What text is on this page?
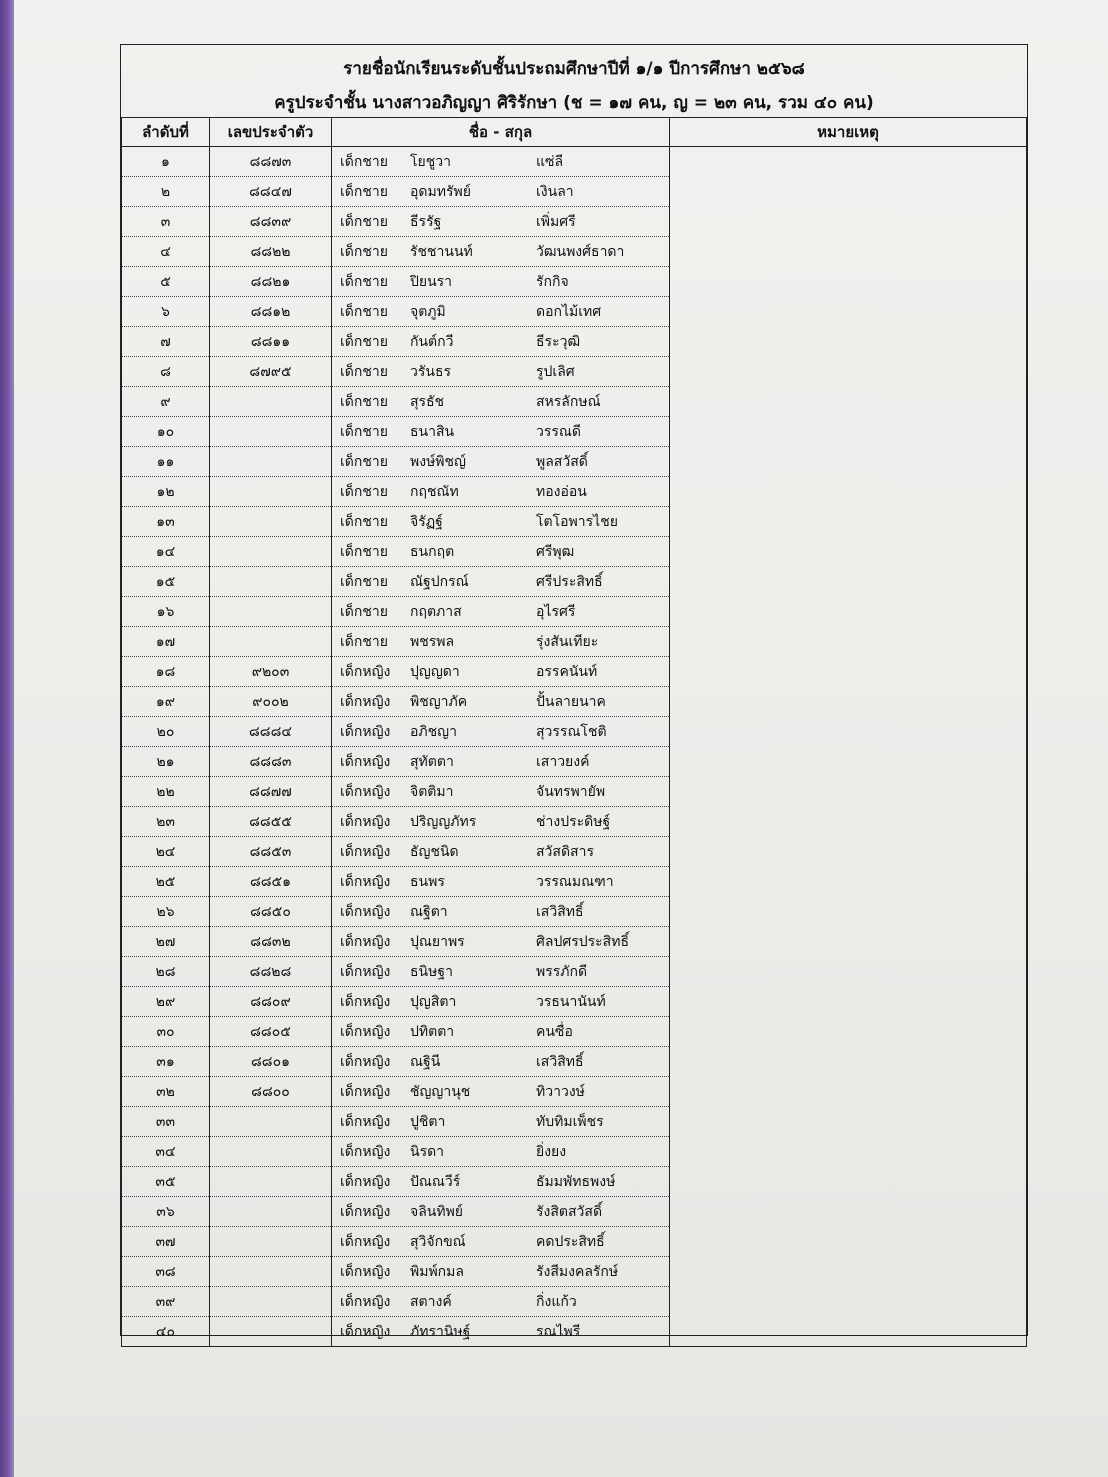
รายชื่อนักเรียนระดับชั้นประถมศึกษาปีที่ ๑/๑ ปีการศึกษา ๒๕๖๘
ครูประจำชั้น นางสาวอภิญญา ศิริรักษา (ช = ๑๗ คน, ญ = ๒๓ คน, รวม ๔๐ คน)
ลำดับที่	เลขประจำตัว	ชื่อ - สกุล	หมายเหตุ
๑	๘๘๗๓	เด็กชาย โยชูวา แซ่ลี	
๒	๘๘๔๗	เด็กชาย อุดมทรัพย์ เงินลา	
๓	๘๘๓๙	เด็กชาย ธีรรัฐ เพิ่มศรี	
๔	๘๘๒๒	เด็กชาย รัชชานนท์ วัฒนพงศ์ธาดา	
๕	๘๘๒๑	เด็กชาย ปิยนรา รักกิจ	
๖	๘๘๑๒	เด็กชาย จุตภูมิ ดอกไม้เทศ	
๗	๘๘๑๑	เด็กชาย กันต์กวี ธีระวุฒิ	
๘	๘๗๙๕	เด็กชาย วรันธร รูปเลิศ	
๙		เด็กชาย สุรธัช สหรลักษณ์	
๑๐		เด็กชาย ธนาสิน วรรณดี	
๑๑		เด็กชาย พงษ์พิชญ์ พูลสวัสดิ์	
๑๒		เด็กชาย กฤชณัท ทองอ่อน	
๑๓		เด็กชาย จิรัฏฐ์ โตโอพารไชย	
๑๔		เด็กชาย ธนกฤต ศรีพุฒ	
๑๕		เด็กชาย ณัฐปกรณ์ ศรีประสิทธิ์	
๑๖		เด็กชาย กฤตภาส อุไรศรี	
๑๗		เด็กชาย พชรพล รุ่งสันเทียะ	
๑๘	๙๒๐๓	เด็กหญิง ปุญญดา อรรคนันท์	
๑๙	๙๐๐๒	เด็กหญิง พิชญาภัค ปั้นลายนาค	
๒๐	๘๘๘๔	เด็กหญิง อภิชญา สุวรรณโชติ	
๒๑	๘๘๘๓	เด็กหญิง สุทัตตา เสาวยงค์	
๒๒	๘๘๗๗	เด็กหญิง จิตติมา จันทรพายัพ	
๒๓	๘๘๕๕	เด็กหญิง ปริญญภัทร ช่างประดิษฐ์	
๒๔	๘๘๕๓	เด็กหญิง ธัญชนิด สวัสดิสาร	
๒๕	๘๘๕๑	เด็กหญิง ธนพร วรรณมณฑา	
๒๖	๘๘๕๐	เด็กหญิง ณฐิตา เสวิสิทธิ์	
๒๗	๘๘๓๒	เด็กหญิง ปุณยาพร ศิลปศรประสิทธิ์	
๒๘	๘๘๒๘	เด็กหญิง ธนิษฐา พรรภักดี	
๒๙	๘๘๐๙	เด็กหญิง ปุญสิตา วรธนานันท์	
๓๐	๘๘๐๕	เด็กหญิง ปทิตตา คนซื่อ	
๓๑	๘๘๐๑	เด็กหญิง ณฐินี เสวิสิทธิ์	
๓๒	๘๘๐๐	เด็กหญิง ชัญญานุช ทิวาวงษ์	
๓๓		เด็กหญิง ปูชิตา ทับทิมเพ็ชร	
๓๔		เด็กหญิง นิรดา ยิ่งยง	
๓๕		เด็กหญิง ปัณณวีร์ ธัมมพัทธพงษ์	
๓๖		เด็กหญิง จลินทิพย์ รังสิตสวัสดิ์	
๓๗		เด็กหญิง สุวิจักขณ์ คดประสิทธิ์	
๓๘		เด็กหญิง พิมพ์กมล รังสีมงคลรักษ์	
๓๙		เด็กหญิง สตางค์ กิ่งแก้ว	
๔๐		เด็กหญิง ภัทรานิษฐ์ รณไพรี	
